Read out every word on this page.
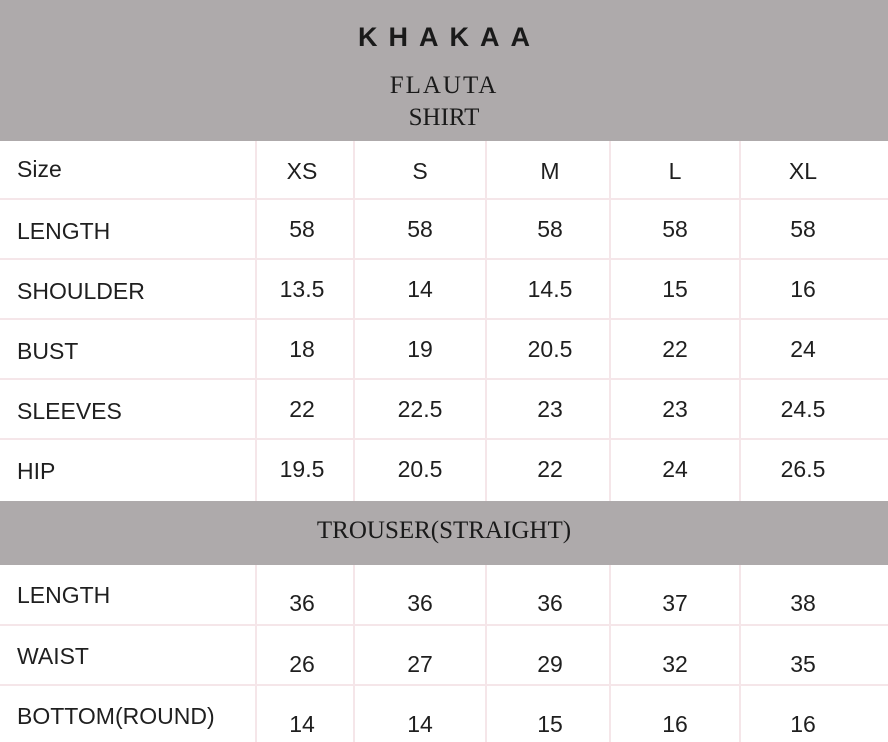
KHAKAA
FLAUTA
SHIRT
Size	XS	S	M	L	XL
LENGTH	58	58	58	58	58
SHOULDER	13.5	14	14.5	15	16
BUST	18	19	20.5	22	24
SLEEVES	22	22.5	23	23	24.5
HIP	19.5	20.5	22	24	26.5
LENGTH	36	36	36	37	38
WAIST	26	27	29	32	35
BOTTOM(ROUND)	14	14	15	16	16
TROUSER(STRAIGHT)
